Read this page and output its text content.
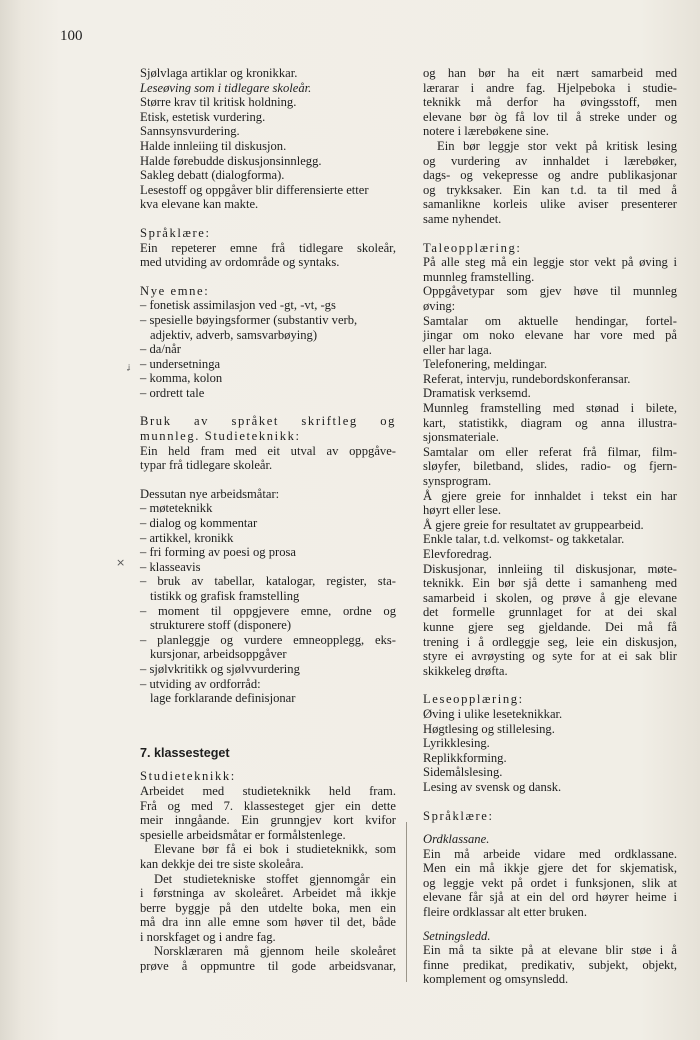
100
ᶨ
×
Sjølvlaga artiklar og kronikkar.
Leseøving som i tidlegare skoleår.
Større krav til kritisk holdning.
Etisk, estetisk vurdering.
Sannsynsvurdering.
Halde innleiing til diskusjon.
Halde førebudde diskusjonsinnlegg.
Sakleg debatt (dialogforma).
Lesestoff og oppgåver blir differensierte etter
kva elevane kan makte.
Språklære:
Ein repeterer emne frå tidlegare skoleår,
med utviding av ordområde og syntaks.
Nye emne:
– fonetisk assimilasjon ved -gt, -vt, -gs
– spesielle bøyingsformer (substantiv verb,
adjektiv, adverb, samsvarbøying)
– da/når
– undersetninga
– komma, kolon
– ordrett tale
Bruk av språket skriftleg og
munnleg. Studieteknikk:
Ein held fram med eit utval av oppgåve-
typar frå tidlegare skoleår.
Dessutan nye arbeidsmåtar:
– møteteknikk
– dialog og kommentar
– artikkel, kronikk
– fri forming av poesi og prosa
– klasseavis
– bruk av tabellar, katalogar, register, sta-
tistikk og grafisk framstelling
– moment til oppgjevere emne, ordne og
strukturere stoff (disponere)
– planleggje og vurdere emneopplegg, eks-
kursjonar, arbeidsoppgåver
– sjølvkritikk og sjølvvurdering
– utviding av ordforråd:
lage forklarande definisjonar
7. klassesteget
Studieteknikk:
Arbeidet med studieteknikk held fram.
Frå og med 7. klassesteget gjer ein dette
meir inngåande. Ein grunngjev kort kvifor
spesielle arbeidsmåtar er formålstenlege.
Elevane bør få ei bok i studieteknikk, som
kan dekkje dei tre siste skoleåra.
Det studietekniske stoffet gjennomgår ein
i førstninga av skoleåret. Arbeidet må ikkje
berre byggje på den utdelte boka, men ein
må dra inn alle emne som høver til det, både
i norskfaget og i andre fag.
Norsklæraren må gjennom heile skoleåret
prøve å oppmuntre til gode arbeidsvanar,
og han bør ha eit nært samarbeid med
lærarar i andre fag. Hjelpeboka i studie-
teknikk må derfor ha øvingsstoff, men
elevane bør òg få lov til å streke under og
notere i lærebøkene sine.
Ein bør leggje stor vekt på kritisk lesing
og vurdering av innhaldet i lærebøker,
dags- og vekepresse og andre publikasjonar
og trykksaker. Ein kan t.d. ta til med å
samanlikne korleis ulike aviser presenterer
same nyhendet.
Taleopplæring:
På alle steg må ein leggje stor vekt på øving i
munnleg framstelling.
Oppgåvetypar som gjev høve til munnleg
øving:
Samtalar om aktuelle hendingar, fortel-
jingar om noko elevane har vore med på
eller har laga.
Telefonering, meldingar.
Referat, intervju, rundebordskonferansar.
Dramatisk verksemd.
Munnleg framstelling med stønad i bilete,
kart, statistikk, diagram og anna illustra-
sjonsmateriale.
Samtalar om eller referat frå filmar, film-
sløyfer, biletband, slides, radio- og fjern-
synsprogram.
Å gjere greie for innhaldet i tekst ein har
høyrt eller lese.
Å gjere greie for resultatet av gruppearbeid.
Enkle talar, t.d. velkomst- og takketalar.
Elevforedrag.
Diskusjonar, innleiing til diskusjonar, møte-
teknikk. Ein bør sjå dette i samanheng med
samarbeid i skolen, og prøve å gje elevane
det formelle grunnlaget for at dei skal
kunne gjere seg gjeldande. Dei må få
trening i å ordleggje seg, leie ein diskusjon,
styre ei avrøysting og syte for at ei sak blir
skikkeleg drøfta.
Leseopplæring:
Øving i ulike leseteknikkar.
Høgtlesing og stillelesing.
Lyrikklesing.
Replikkforming.
Sidemålslesing.
Lesing av svensk og dansk.
Språklære:
Ordklassane.
Ein må arbeide vidare med ordklassane.
Men ein må ikkje gjere det for skjematisk,
og leggje vekt på ordet i funksjonen, slik at
elevane får sjå at ein del ord høyrer heime i
fleire ordklassar alt etter bruken.
Setningsledd.
Ein må ta sikte på at elevane blir støe i å
finne predikat, predikativ, subjekt, objekt,
komplement og omsynsledd.
